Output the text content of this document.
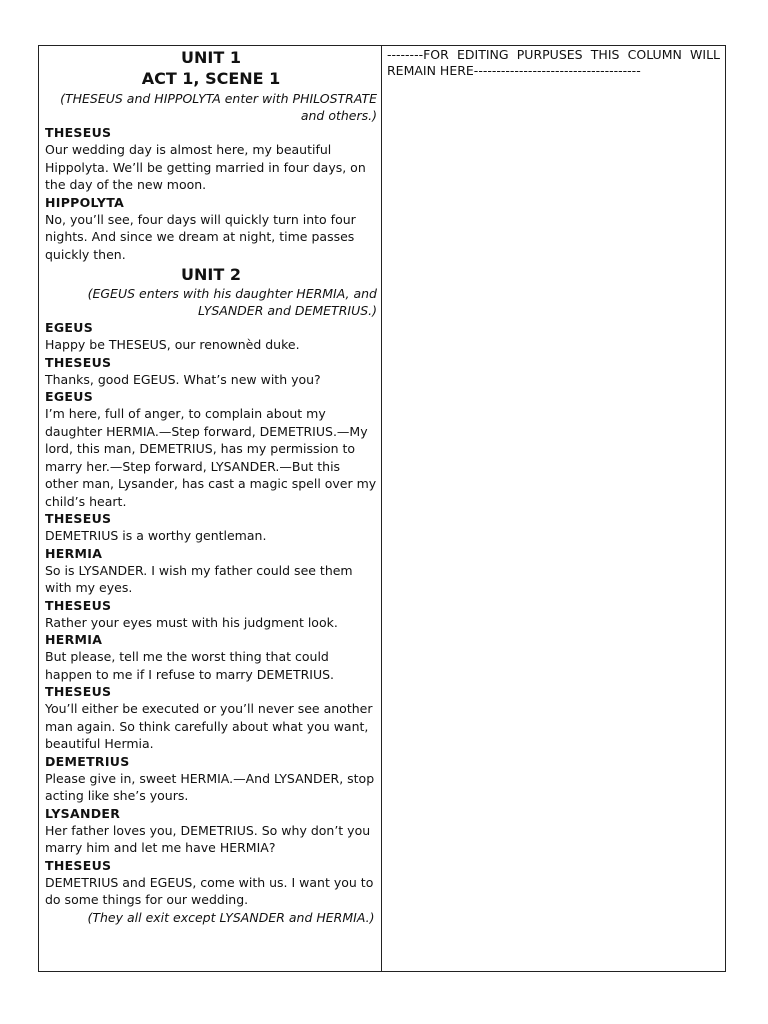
UNIT 1

ACT 1, SCENE 1

(THESEUS and HIPPOLYTA enter with PHILOSTRATE and others.)

THESEUS

Our wedding day is almost here, my beautiful Hippolyta. We’ll be getting married in four days, on the day of the new moon.

HIPPOLYTA

No, you’ll see, four days will quickly turn into four nights. And since we dream at night, time passes quickly then.

UNIT 2

(EGEUS enters with his daughter HERMIA, and LYSANDER and DEMETRIUS.)

EGEUS

Happy be THESEUS, our renownèd duke.

THESEUS

Thanks, good EGEUS. What’s new with you?

EGEUS

I’m here, full of anger, to complain about my daughter HERMIA.—Step forward, DEMETRIUS.—My lord, this man, DEMETRIUS, has my permission to marry her.—Step forward, LYSANDER.—But this other man, Lysander, has cast a magic spell over my child’s heart.

THESEUS

DEMETRIUS is a worthy gentleman.

HERMIA

So is LYSANDER. I wish my father could see them with my eyes.

THESEUS

Rather your eyes must with his judgment look.

HERMIA

But please, tell me the worst thing that could happen to me if I refuse to marry DEMETRIUS.

THESEUS

You’ll either be executed or you’ll never see another man again. So think carefully about what you want, beautiful Hermia.

DEMETRIUS

Please give in, sweet HERMIA.—And LYSANDER, stop acting like she’s yours.

LYSANDER

Her father loves you, DEMETRIUS. So why don’t you marry him and let me have HERMIA?

THESEUS

DEMETRIUS and EGEUS, come with us. I want you to do some things for our wedding.

(They all exit except LYSANDER and HERMIA.)

--------FOR EDITING PURPUSES THIS COLUMN WILL REMAIN HERE-------------------------------------
